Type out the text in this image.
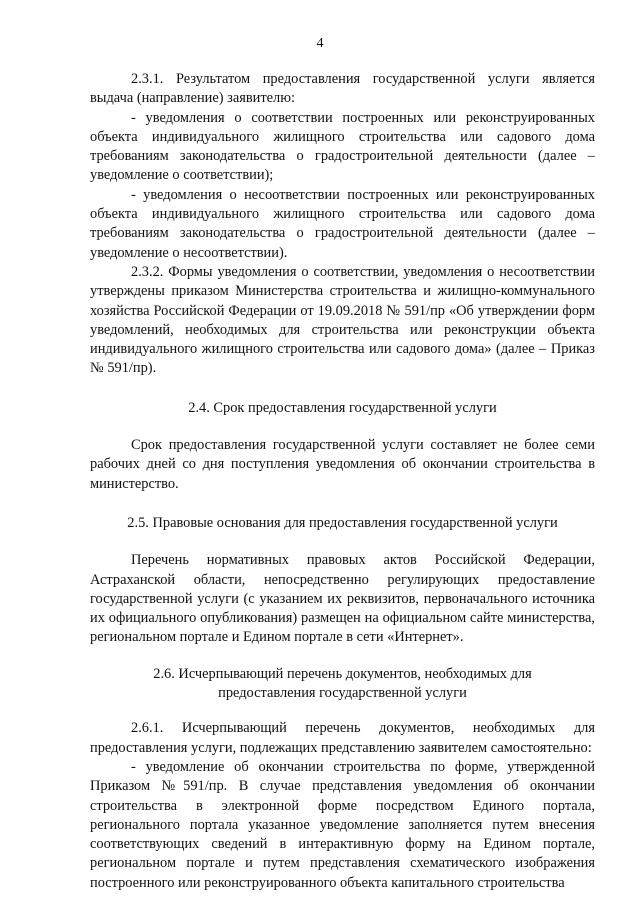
4

2.3.1. Результатом предоставления государственной услуги является выдача (направление) заявителю:

- уведомления о соответствии построенных или реконструированных объекта индивидуального жилищного строительства или садового дома требованиям законодательства о градостроительной деятельности (далее – уведомление о соответствии);

- уведомления о несоответствии построенных или реконструированных объекта индивидуального жилищного строительства или садового дома требованиям законодательства о градостроительной деятельности (далее – уведомление о несоответствии).

2.3.2. Формы уведомления о соответствии, уведомления о несоответствии утверждены приказом Министерства строительства и жилищно-коммунального хозяйства Российской Федерации от 19.09.2018 № 591/пр «Об утверждении форм уведомлений, необходимых для строительства или реконструкции объекта индивидуального жилищного строительства или садового дома» (далее – Приказ № 591/пр).

2.4. Срок предоставления государственной услуги

Срок предоставления государственной услуги составляет не более семи рабочих дней со дня поступления уведомления об окончании строительства в министерство.

2.5. Правовые основания для предоставления государственной услуги

Перечень нормативных правовых актов Российской Федерации, Астраханской области, непосредственно регулирующих предоставление государственной услуги (с указанием их реквизитов, первоначального источника их официального опубликования) размещен на официальном сайте министерства, региональном портале и Едином портале в сети «Интернет».

2.6. Исчерпывающий перечень документов, необходимых для

предоставления государственной услуги

2.6.1. Исчерпывающий перечень документов, необходимых для предоставления услуги, подлежащих представлению заявителем самостоятельно:

- уведомление об окончании строительства по форме, утвержденной Приказом №591/пр. В случае представления уведомления об окончании строительства в электронной форме посредством Единого портала, регионального портала указанное уведомление заполняется путем внесения соответствующих сведений в интерактивную форму на Едином портале, региональном портале и путем представления схематического изображения построенного или реконструированного объекта капитального строительства
